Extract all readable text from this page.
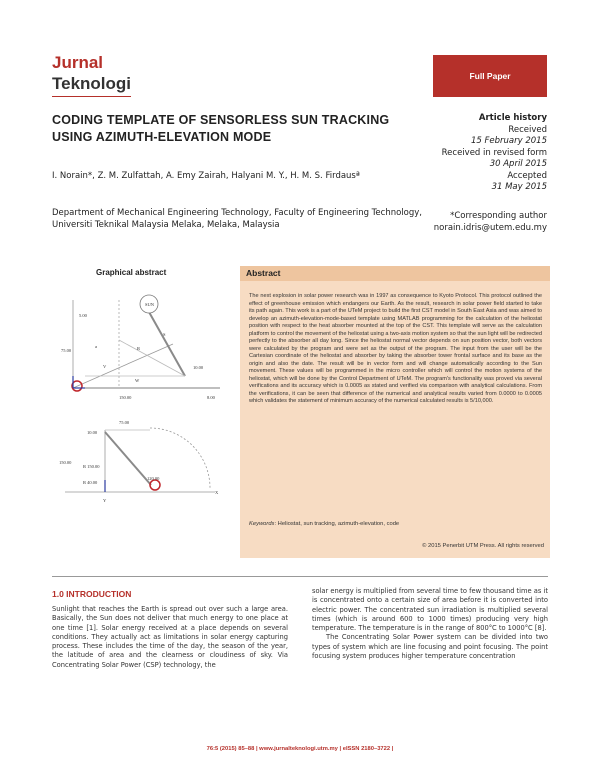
Jurnal
Teknologi	Full Paper
CODING TEMPLATE OF SENSORLESS SUN TRACKING USING AZIMUTH-ELEVATION MODE
I. Norain*, Z. M. Zulfattah, A. Emy Zairah, Halyani M. Y., H. M. S. Firdausª
Department of Mechanical Engineering Technology, Faculty of Engineering Technology, Universiti Teknikal Malaysia Melaka, Melaka, Malaysia
Article history
Received
15 February 2015
Received in revised form
30 April 2015
Accepted
31 May 2015
*Corresponding author
norain.idris@utem.edu.my
Graphical abstract
SUN
5.00
75.00
10.00
150.00	8.00
a
S
R
V
W
75.00
10.00
150.00
R 150.00
R 40.00
120.00
X
Y
Abstract
The next explosion in solar power research was in 1997 as consequence to Kyoto Protocol. This protocol outlined the effect of greenhouse emission which endangers our Earth. As the result, research in solar power field started to take its path again. This work is a part of the UTeM project to build the first CST model in South East Asia and was aimed to develop an azimuth-elevation-mode-based template using MATLAB programming for the calculation of the heliostat position with respect to the heat absorber mounted at the top of the CST. This template will serve as the calculation platform to control the movement of the heliostat using a two-axis motion system so that the sun light will be redirected perfectly to the absorber all day long. Since the heliostat normal vector depends on sun position vector, both vectors were calculated by the program and were set as the output of the program. The input from the user will be the Cartesian coordinate of the heliostat and absorber by taking the absorber tower frontal surface and its base as the origin and also the date. The result will be in vector form and will change automatically according to the Sun movement. These values will be programmed in the micro controller which will control the motion systems of the heliostat, which will be done by the Control Department of UTeM. The program's functionality was proved via several verifications and its accuracy which is 0.0005 as stated and verified via comparison with analytical calculations. From the verifications, it can be seen that difference of the numerical and analytical results varied from 0.0000 to 0.0005 which validates the statement of minimum accuracy of the numerical calculated results is 5/10,000.
Keywords: Heliostat, sun tracking, azimuth-elevation, code
© 2015 Penerbit UTM Press. All rights reserved
1.0 INTRODUCTION
Sunlight that reaches the Earth is spread out over such a large area. Basically, the Sun does not deliver that much energy to one place at one time [1]. Solar energy received at a place depends on several conditions. They actually act as limitations in solar energy capturing process. These includes the time of the day, the season of the year, the latitude of area and the clearness or cloudiness of sky. Via Concentrating Solar Power (CSP) technology, the
solar energy is multiplied from several time to few thousand time as it is concentrated onto a certain size of area before it is converted into electric power. The concentrated sun irradiation is multiplied several times (which is around 600 to 1000 times) producing very high temperature. The temperature is in the range of 800°C to 1000°C [8].
The Concentrating Solar Power system can be divided into two types of system which are line focusing and point focusing. The point focusing system produces higher temperature concentration
76:5 (2015) 85–88 | www.jurnalteknologi.utm.my | eISSN 2180–3722 |
